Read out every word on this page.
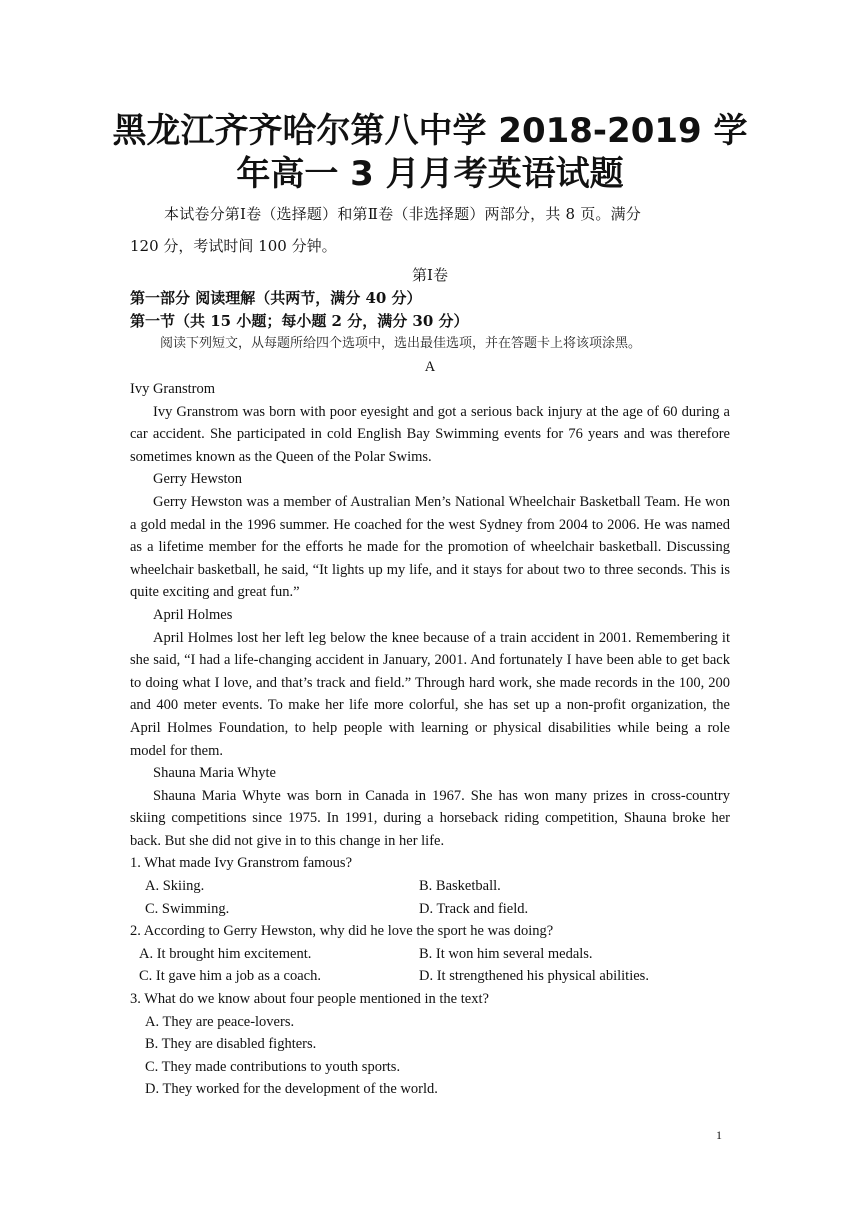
黑龙江齐齐哈尔第八中学 2018-2019 学
年高一 3 月月考英语试题
本试卷分第Ⅰ卷（选择题）和第Ⅱ卷（非选择题）两部分，共 8 页。满分
120 分，考试时间 100 分钟。
第Ⅰ卷
第一部分 阅读理解（共两节，满分 40 分）
第一节（共 15 小题；每小题 2 分，满分 30 分）
阅读下列短文，从每题所给四个选项中，选出最佳选项，并在答题卡上将该项涂黑。
A

Ivy Granstrom

Ivy Granstrom was born with poor eyesight and got a serious back injury at the age of 60 during a car accident. She participated in cold English Bay Swimming events for 76 years and was therefore sometimes known as the Queen of the Polar Swims.

Gerry Hewston

Gerry Hewston was a member of Australian Men’s National Wheelchair Basketball Team. He won a gold medal in the 1996 summer. He coached for the west Sydney from 2004 to 2006. He was named as a lifetime member for the efforts he made for the promotion of wheelchair basketball. Discussing wheelchair basketball, he said, “It lights up my life, and it stays for about two to three seconds. This is quite exciting and great fun.”

April Holmes

April Holmes lost her left leg below the knee because of a train accident in 2001. Remembering it she said, “I had a life-changing accident in January, 2001. And fortunately I have been able to get back to doing what I love, and that’s track and field.” Through hard work, she made records in the 100, 200 and 400 meter events. To make her life more colorful, she has set up a non-profit organization, the April Holmes Foundation, to help people with learning or physical disabilities while being a role model for them.

Shauna Maria Whyte

Shauna Maria Whyte was born in Canada in 1967. She has won many prizes in cross-country skiing competitions since 1975. In 1991, during a horseback riding competition, Shauna broke her back. But she did not give in to this change in her life.

1. What made Ivy Granstrom famous?

A. Skiing.	B. Basketball.
C. Swimming.	D. Track and field.

2. According to Gerry Hewston, why did he love the sport he was doing?

A. It brought him excitement.	B. It won him several medals.
C. It gave him a job as a coach.	D. It strengthened his physical abilities.

3. What do we know about four people mentioned in the text?

A. They are peace-lovers.

B. They are disabled fighters.

C. They made contributions to youth sports.

D. They worked for the development of the world.

1
